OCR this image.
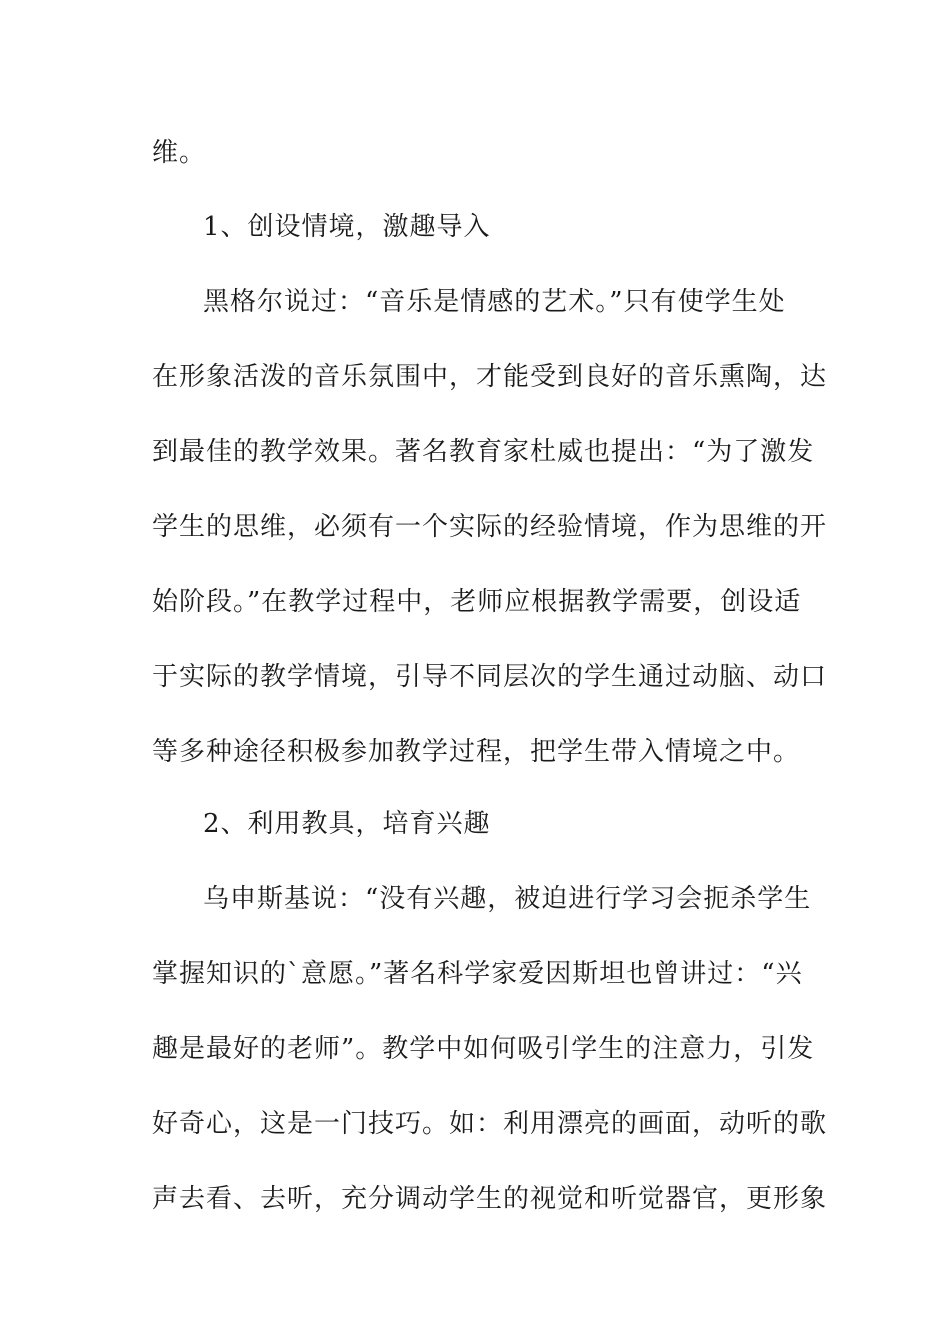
维。
1、创设情境，激趣导入
黑格尔说过：“音乐是情感的艺术。”只有使学生处
在形象活泼的音乐氛围中，才能受到良好的音乐熏陶，达
到最佳的教学效果。著名教育家杜威也提出：“为了激发
学生的思维，必须有一个实际的经验情境，作为思维的开
始阶段。”在教学过程中，老师应根据教学需要，创设适
于实际的教学情境，引导不同层次的学生通过动脑、动口
等多种途径积极参加教学过程，把学生带入情境之中。
2、利用教具，培育兴趣
乌申斯基说：“没有兴趣，被迫进行学习会扼杀学生
掌握知识的`意愿。”著名科学家爱因斯坦也曾讲过：“兴
趣是最好的老师”。教学中如何吸引学生的注意力，引发
好奇心，这是一门技巧。如：利用漂亮的画面，动听的歌
声去看、去听，充分调动学生的视觉和听觉器官，更形象
